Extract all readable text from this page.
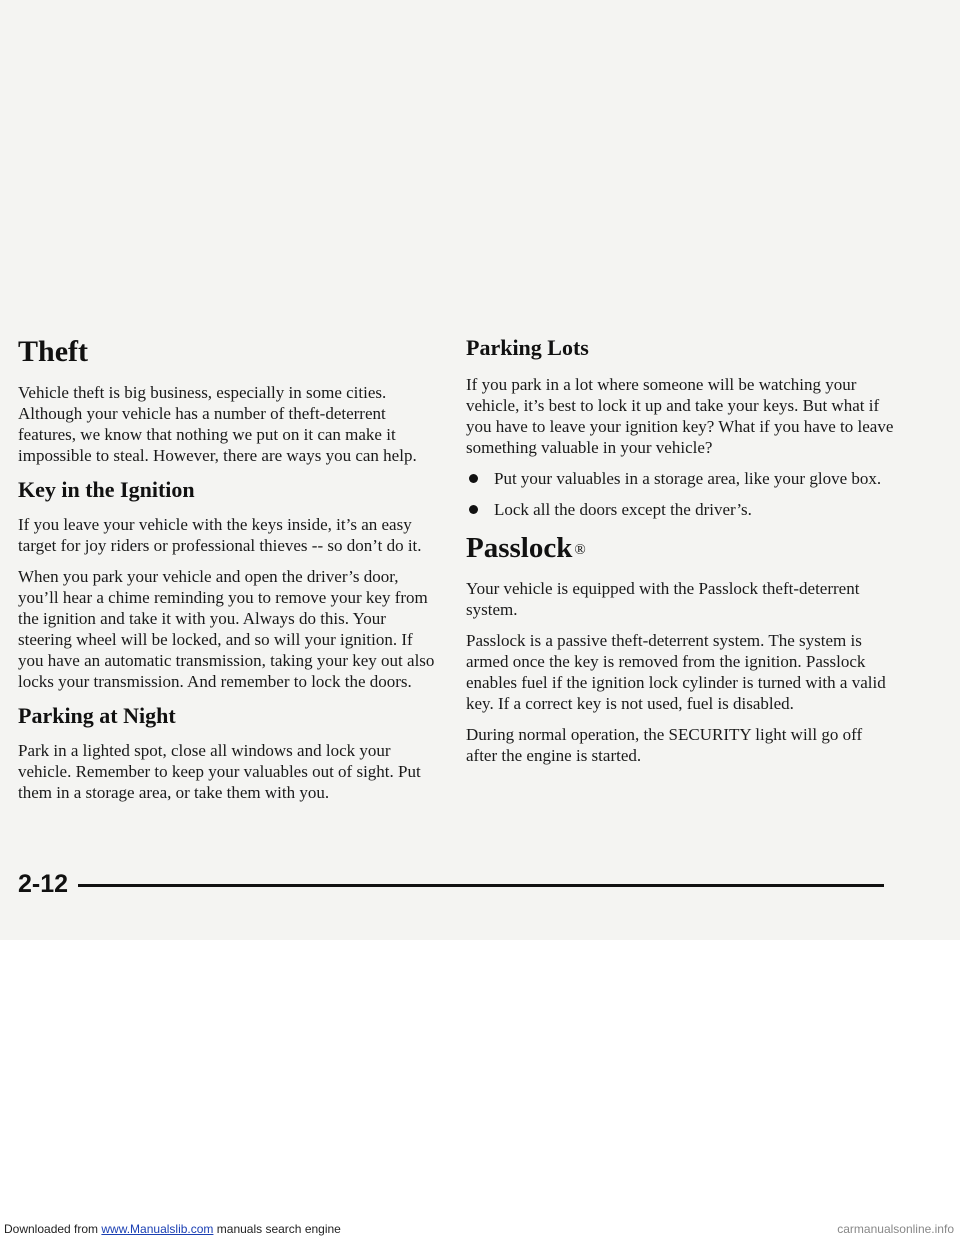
Theft

Vehicle theft is big business, especially in some cities. Although your vehicle has a number of theft-deterrent features, we know that nothing we put on it can make it impossible to steal. However, there are ways you can help.

Key in the Ignition

If you leave your vehicle with the keys inside, it’s an easy target for joy riders or professional thieves -- so don’t do it.

When you park your vehicle and open the driver’s door, you’ll hear a chime reminding you to remove your key from the ignition and take it with you. Always do this. Your steering wheel will be locked, and so will your ignition. If you have an automatic transmission, taking your key out also locks your transmission. And remember to lock the doors.

Parking at Night

Park in a lighted spot, close all windows and lock your vehicle. Remember to keep your valuables out of sight. Put them in a storage area, or take them with you.

Parking Lots

If you park in a lot where someone will be watching your vehicle, it’s best to lock it up and take your keys. But what if you have to leave your ignition key? What if you have to leave something valuable in your vehicle?

Put your valuables in a storage area, like your glove box.
Lock all the doors except the driver’s.
Passlock ®

Your vehicle is equipped with the Passlock theft-deterrent system.

Passlock is a passive theft-deterrent system. The system is armed once the key is removed from the ignition. Passlock enables fuel if the ignition lock cylinder is turned with a valid key. If a correct key is not used, fuel is disabled.

During normal operation, the SECURITY light will go off after the engine is started.

2-12
Downloaded from www.Manualslib.com manuals search engine	carmanualsonline.info
